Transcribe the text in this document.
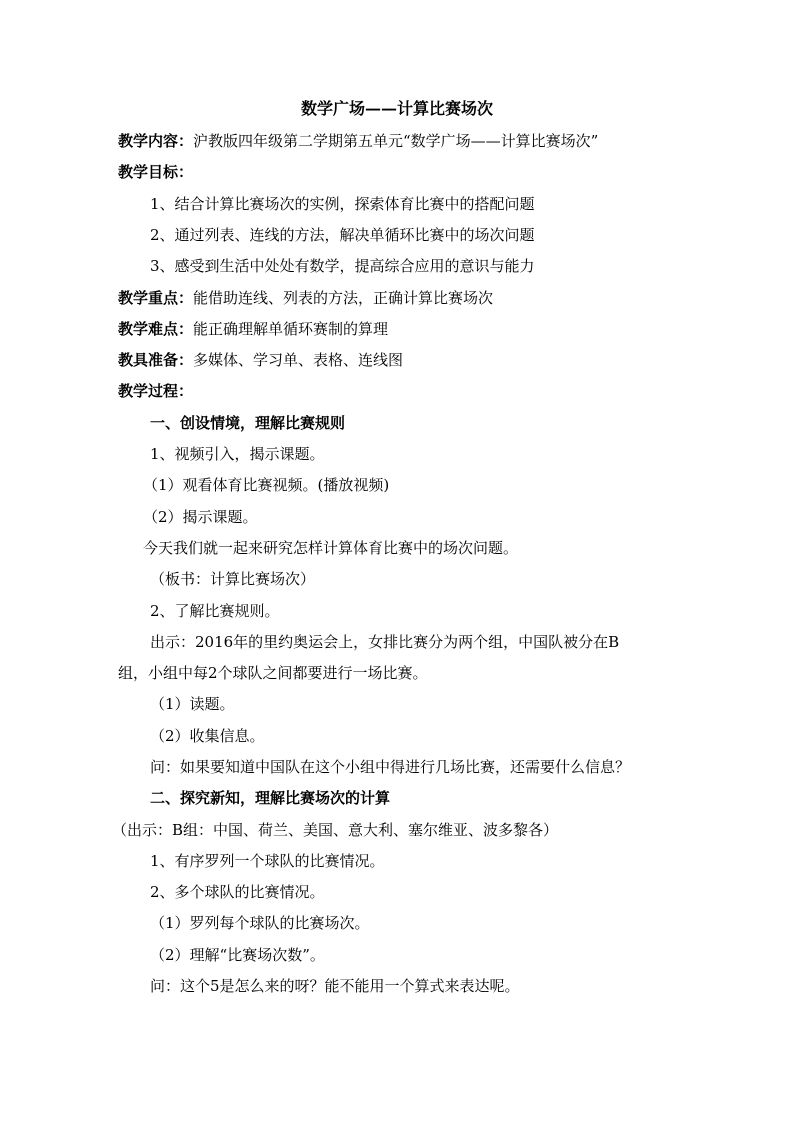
数学广场——计算比赛场次
教学内容：沪教版四年级第二学期第五单元“数学广场——计算比赛场次”
教学目标：
1、结合计算比赛场次的实例，探索体育比赛中的搭配问题
2、通过列表、连线的方法，解决单循环比赛中的场次问题
3、感受到生活中处处有数学，提高综合应用的意识与能力
教学重点：能借助连线、列表的方法，正确计算比赛场次
教学难点：能正确理解单循环赛制的算理
教具准备：多媒体、学习单、表格、连线图
教学过程：
一、创设情境，理解比赛规则
1、视频引入，揭示课题。
（1）观看体育比赛视频。(播放视频)
（2）揭示课题。
今天我们就一起来研究怎样计算体育比赛中的场次问题。
（板书：计算比赛场次）
2、了解比赛规则。
出示：2016年的里约奥运会上，女排比赛分为两个组，中国队被分在B
组，小组中每2个球队之间都要进行一场比赛。
（1）读题。
（2）收集信息。
问：如果要知道中国队在这个小组中得进行几场比赛，还需要什么信息？
二、探究新知，理解比赛场次的计算
（出示：B组：中国、荷兰、美国、意大利、塞尔维亚、波多黎各）
1、有序罗列一个球队的比赛情况。
2、多个球队的比赛情况。
（1）罗列每个球队的比赛场次。
（2）理解“比赛场次数”。
问：这个5是怎么来的呀？能不能用一个算式来表达呢。
